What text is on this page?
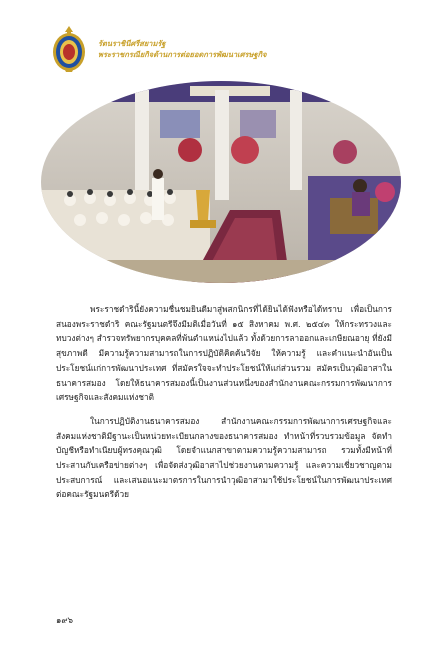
รัตนราชินีศรีสยามรัฐ
พระราชกรณียกิจด้านการต่อยอดการพัฒนาเศรษฐกิจ

พระราชดำรินี้ยังความชื่นชมยินดีมาสู่พสกนิกรที่ได้ยินได้ฟังหรือได้ทราบ เพื่อเป็นการสนองพระราชดำริ คณะรัฐมนตรีจึงมีมติเมื่อวันที่ ๑๕ สิงหาคม พ.ศ. ๒๕๔๓ ให้กระทรวงและทบวงต่างๆ สำรวจทรัพยากรบุคคลที่พ้นตำแหน่งไปแล้ว ทั้งด้วยการลาออกและเกษียณอายุ ที่ยังมีสุขภาพดี มีความรู้ความสามารถในการปฏิบัติคิดค้นวิจัย ให้ความรู้ และคำแนะนำอันเป็นประโยชน์แก่การพัฒนาประเทศ ที่สมัครใจจะทำประโยชน์ให้แก่ส่วนรวม สมัครเป็นวุฒิอาสาในธนาคารสมอง โดยให้ธนาคารสมองนี้เป็นงานส่วนหนึ่งของสำนักงานคณะกรรมการพัฒนาการเศรษฐกิจและสังคมแห่งชาติ

ในการปฏิบัติงานธนาคารสมอง สำนักงานคณะกรรมการพัฒนาการเศรษฐกิจและสังคมแห่งชาติมีฐานะเป็นหน่วยทะเบียนกลางของธนาคารสมอง ทำหน้าที่รวบรวมข้อมูล จัดทำบัญชีหรือทำเนียบผู้ทรงคุณวุฒิ โดยจำแนกสาขาตามความรู้ความสามารถ รวมทั้งมีหน้าที่ประสานกับเครือข่ายต่างๆ เพื่อจัดส่งวุฒิอาสาไปช่วยงานตามความรู้ และความเชี่ยวชาญตามประสบการณ์ และเสนอแนะมาตรการในการนำวุฒิอาสามาใช้ประโยชน์ในการพัฒนาประเทศต่อคณะรัฐมนตรีด้วย

๑๙๖
